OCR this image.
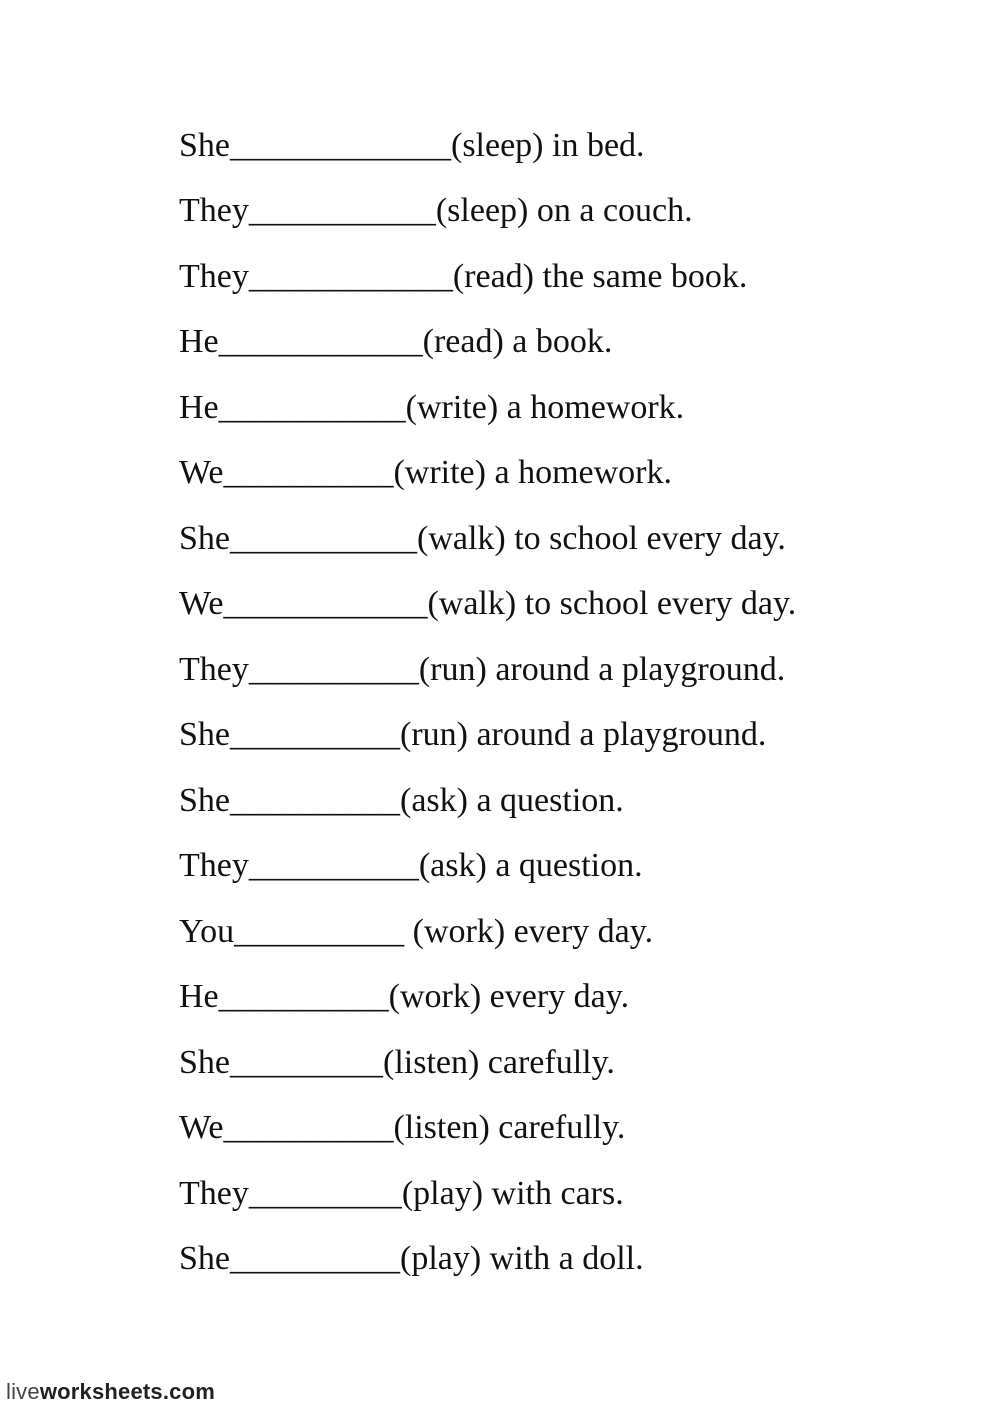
She _____________ (sleep) in bed.
They ___________ (sleep) on a couch.
They ____________ (read) the same book.
He ____________ (read) a book.
He ___________ (write) a homework.
We __________ (write) a homework.
She ___________ (walk) to school every day.
We ____________ (walk) to school every day.
They __________ (run) around a playground.
She __________ (run) around a playground.
She __________ (ask) a question.
They __________ (ask) a question.
You __________ (work) every day.
He __________ (work) every day.
She _________ (listen) carefully.
We __________ (listen) carefully.
They _________ (play) with cars.
She __________ (play) with a doll.
liveworksheets.com
